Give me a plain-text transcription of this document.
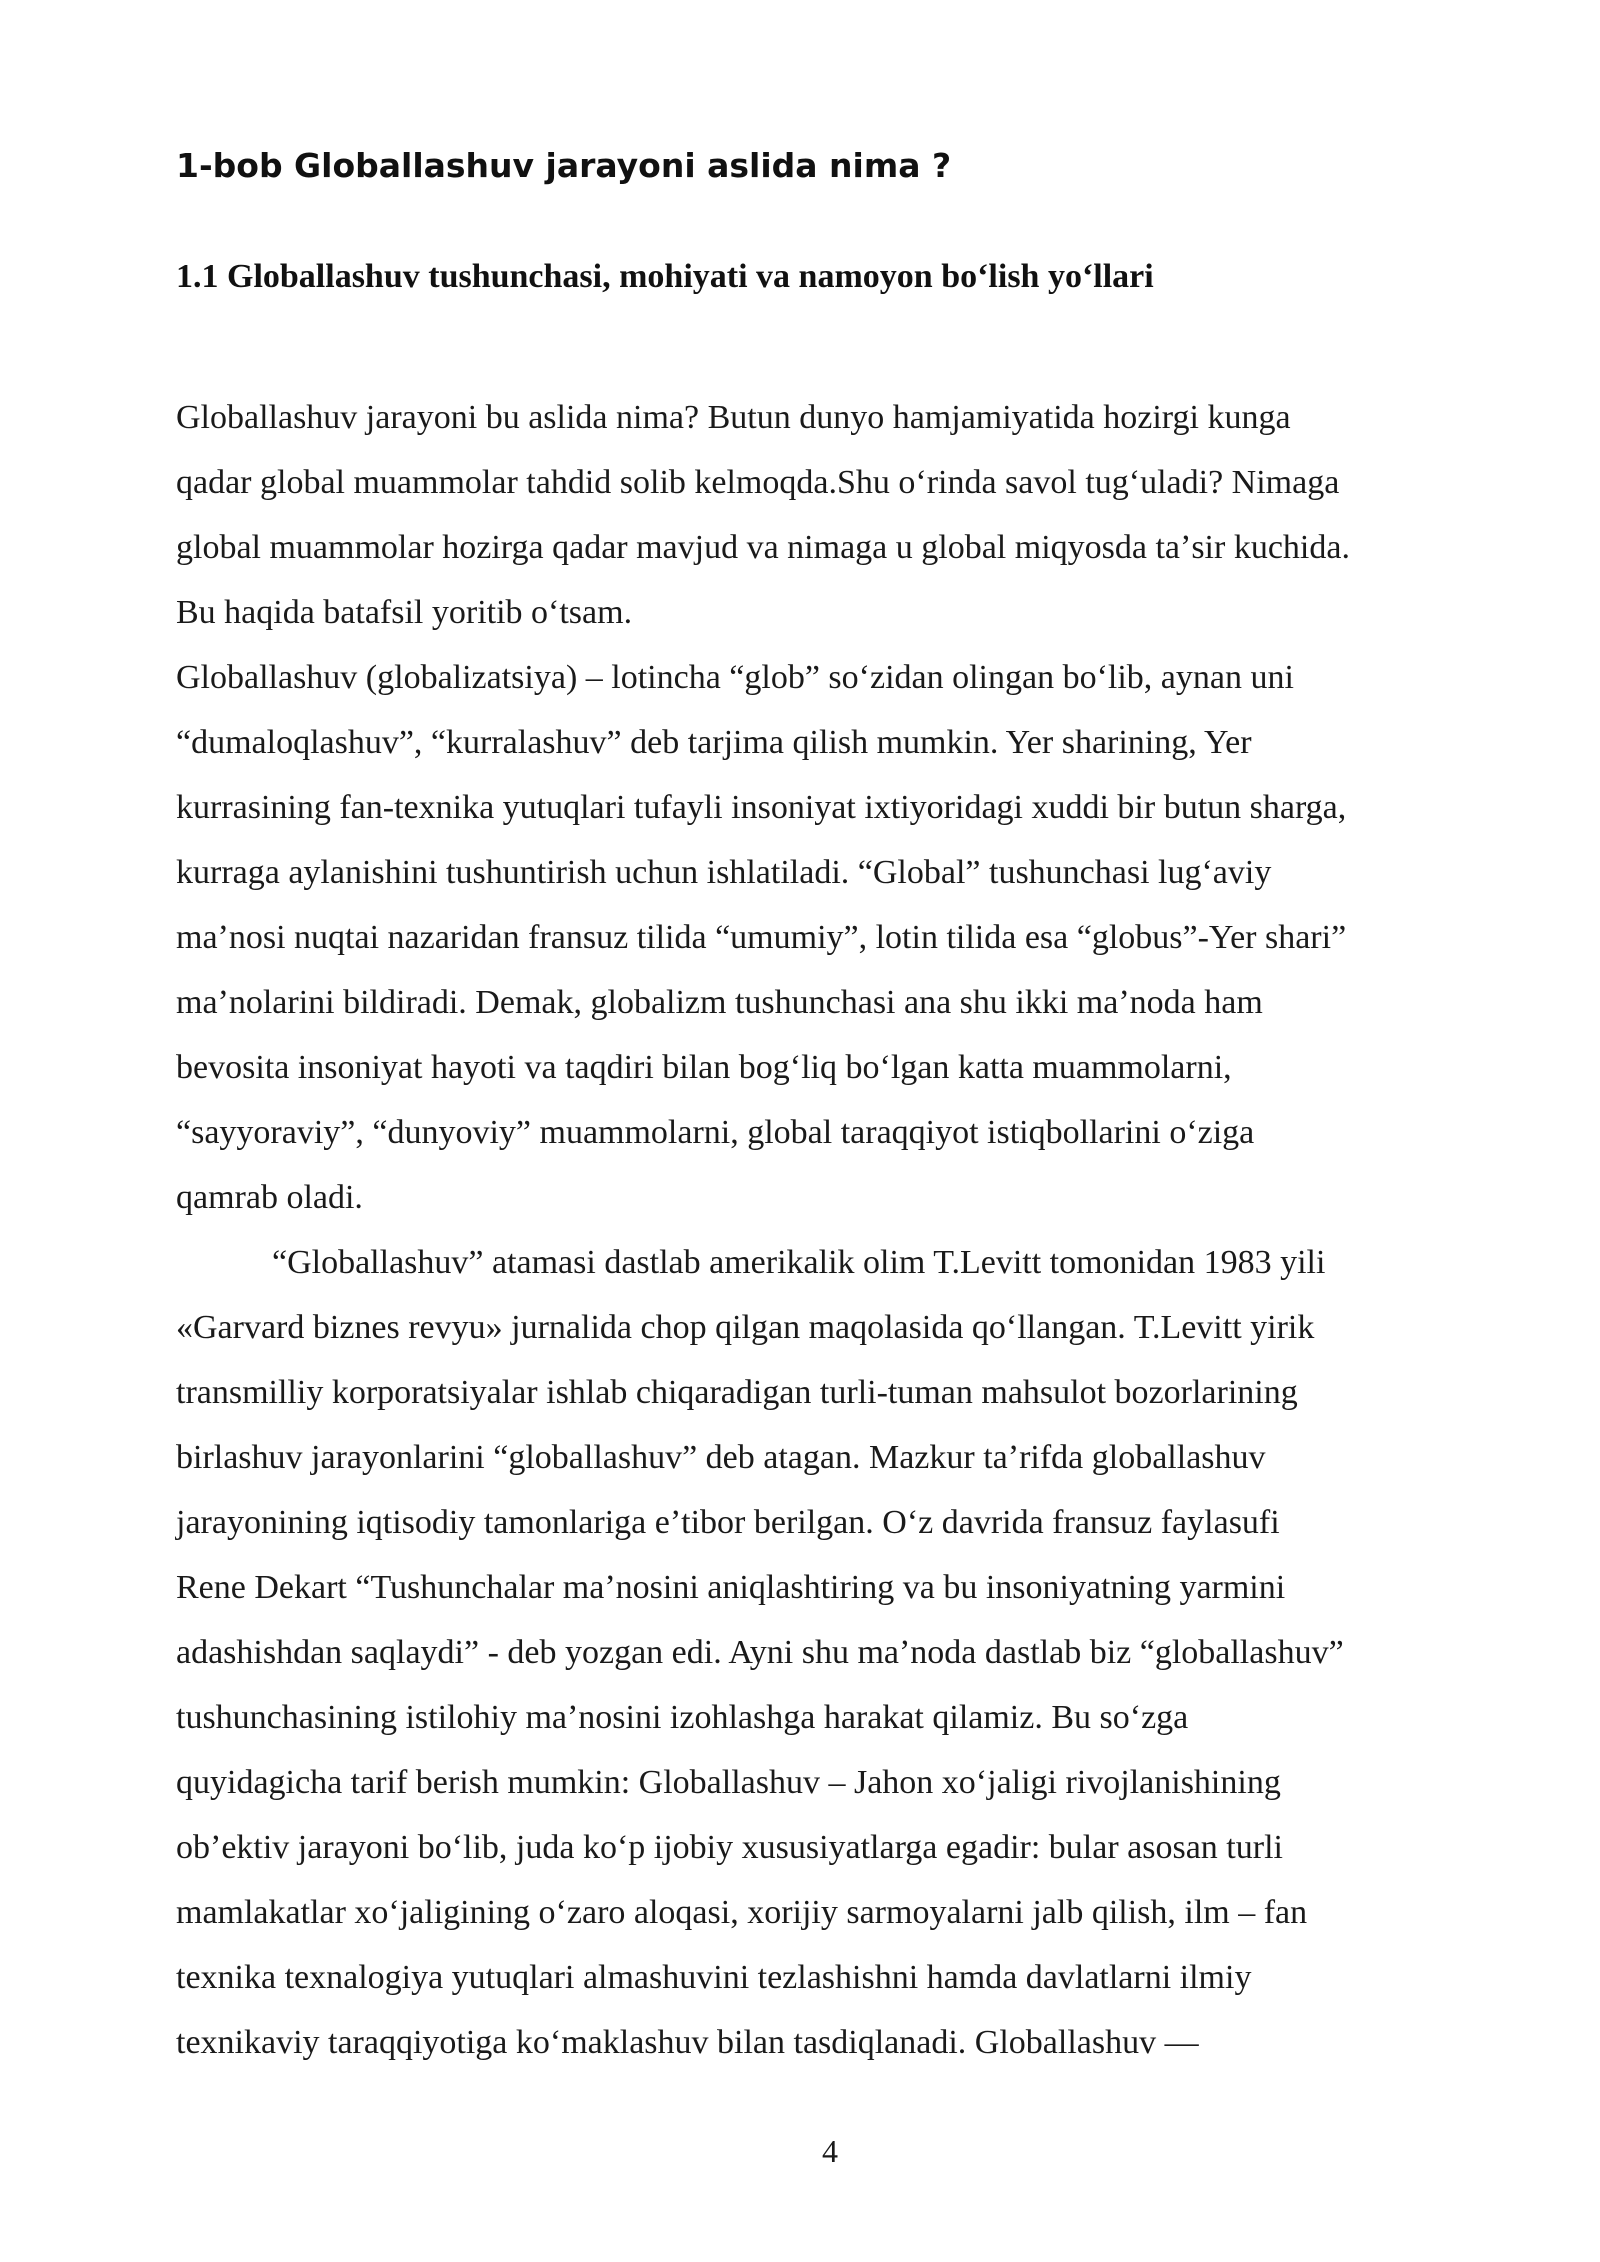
1-bob Globallashuv jarayoni aslida nima ?
1.1 Globallashuv tushunchasi, mohiyati va namoyon boʻlish yoʻllari
Globallashuv jarayoni bu aslida nima? Butun dunyo hamjamiyatida hozirgi kunga
qadar global muammolar tahdid solib kelmoqda.Shu oʻrinda savol tugʻuladi? Nimaga
global muammolar hozirga qadar mavjud va nimaga u global miqyosda taʼsir kuchida.
Bu haqida batafsil yoritib oʻtsam.
Globallashuv (globalizatsiya) – lotincha “glob” soʻzidan olingan boʻlib, aynan uni
“dumaloqlashuv”, “kurralashuv” deb tarjima qilish mumkin. Yer sharining, Yer
kurrasining fan-texnika yutuqlari tufayli insoniyat ixtiyoridagi xuddi bir butun sharga,
kurraga aylanishini tushuntirish uchun ishlatiladi. “Global” tushunchasi lugʻaviy
maʼnosi nuqtai nazaridan fransuz tilida “umumiy”, lotin tilida esa “globus”-Yer shari”
maʼnolarini bildiradi. Demak, globalizm tushunchasi ana shu ikki maʼnoda ham
bevosita insoniyat hayoti va taqdiri bilan bogʻliq boʻlgan katta muammolarni,
“sayyoraviy”, “dunyoviy” muammolarni, global taraqqiyot istiqbollarini oʻziga
qamrab oladi.
“Globallashuv” atamasi dastlab amerikalik olim T.Levitt tomonidan 1983 yili
«Garvard biznes revyu» jurnalida chop qilgan maqolasida qoʻllangan. T.Levitt yirik
transmilliy korporatsiyalar ishlab chiqaradigan turli-tuman mahsulot bozorlarining
birlashuv jarayonlarini “globallashuv” deb atagan. Mazkur taʼrifda globallashuv
jarayonining iqtisodiy tamonlariga eʼtibor berilgan. Oʻz davrida fransuz faylasufi
Rene Dekart “Tushunchalar maʼnosini aniqlashtiring va bu insoniyatning yarmini
adashishdan saqlaydi” - deb yozgan edi. Ayni shu maʼnoda dastlab biz “globallashuv”
tushunchasining istilohiy maʼnosini izohlashga harakat qilamiz. Bu soʻzga
quyidagicha tarif berish mumkin: Globallashuv – Jahon xoʻjaligi rivojlanishining
obʼektiv jarayoni boʻlib, juda koʻp ijobiy xususiyatlarga egadir: bular asosan turli
mamlakatlar xoʻjaligining oʻzaro aloqasi, xorijiy sarmoyalarni jalb qilish, ilm – fan
texnika texnalogiya yutuqlari almashuvini tezlashishni hamda davlatlarni ilmiy
texnikaviy taraqqiyotiga koʻmaklashuv bilan tasdiqlanadi. Globallashuv —
4
